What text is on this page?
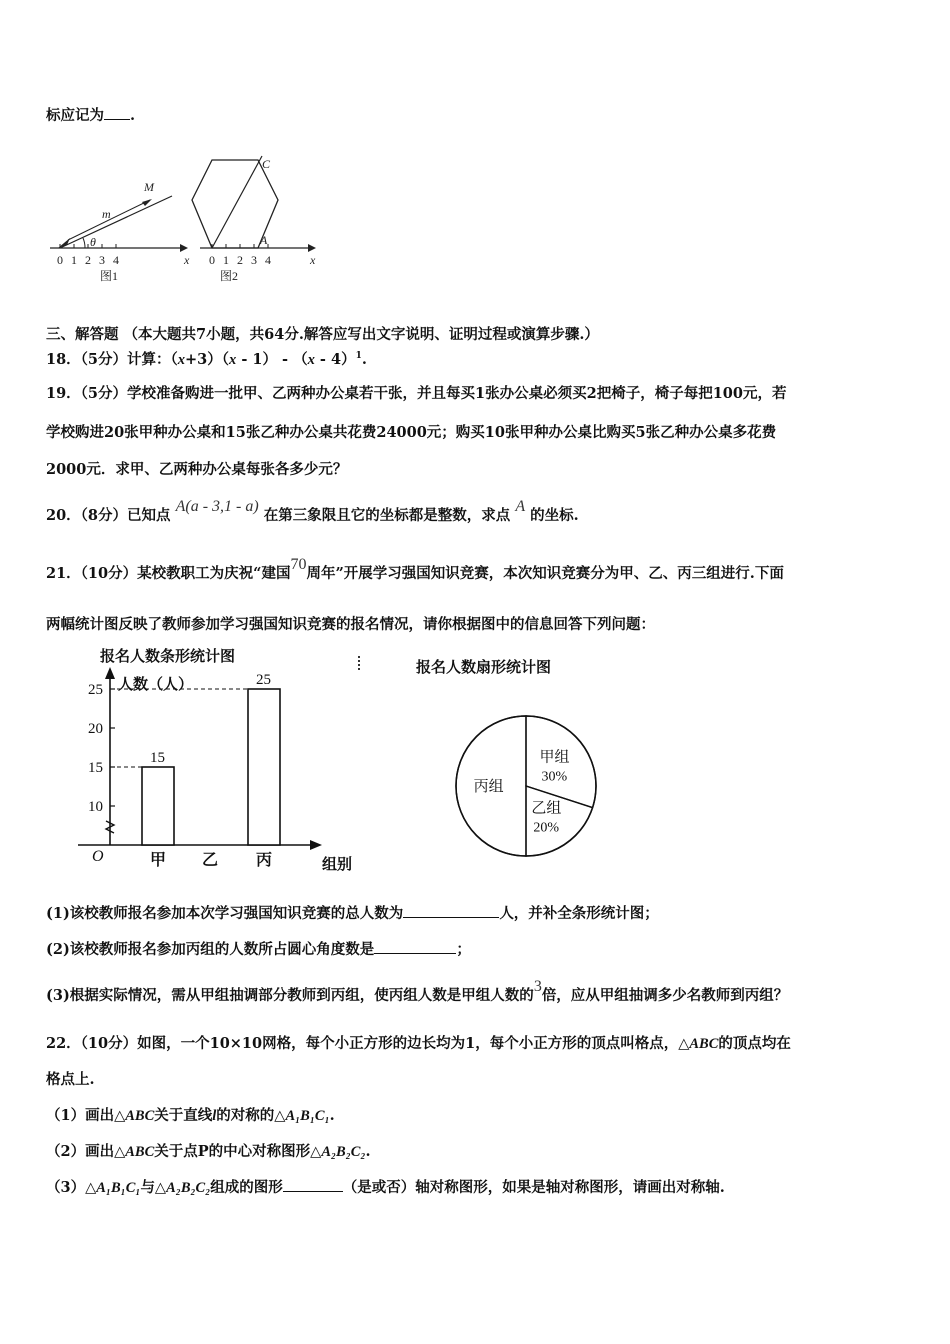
标应记为 .
0 1 2 3 4
M
m
θ
x
图1
0 1 2 3 4
C
A
x
图2
三、解答题 （本大题共7小题，共64分.解答应写出文字说明、证明过程或演算步骤.）
18．（5分）计算：（x+3）（x - 1） - （x - 4）$^1$.
19．（5分）学校准备购进一批甲、乙两种办公桌若干张，并且每买1张办公桌必须买2把椅子，椅子每把100元，若
学校购进20张甲种办公桌和15张乙种办公桌共花费24000元；购买10张甲种办公桌比购买5张乙种办公桌多花费
2000元．求甲、乙两种办公桌每张各多少元？
20．（8分）已知点 A(a - 3,1 - a) 在第三象限且它的坐标都是整数，求点 A 的坐标.
21．（10分）某校教职工为庆祝“建国70周年”开展学习强国知识竞赛，本次知识竞赛分为甲、乙、丙三组进行.下面
两幅统计图反映了教师参加学习强国知识竞赛的报名情况，请你根据图中的信息回答下列问题：
报名人数条形统计图
人数（人）
O
10
15
20
25
甲
15
乙 丙
25
组别
报名人数扇形统计图
甲组
30%
乙组
20%
丙组
(1)该校教师报名参加本次学习强国知识竞赛的总人数为	人，并补全条形统计图；
(2)该校教师报名参加丙组的人数所占圆心角度数是	；
(3)根据实际情况，需从甲组抽调部分教师到丙组，使丙组人数是甲组人数的3倍，应从甲组抽调多少名教师到丙组？
22．（10分）如图，一个10×10网格，每个小正方形的边长均为1，每个小正方形的顶点叫格点，△ABC的顶点均在
格点上.
（1）画出△ABC关于直线l的对称的△A₁B₁C₁.
（2）画出△ABC关于点P的中心对称图形△A₂B₂C₂.
（3）△A₁B₁C₁与△A₂B₂C₂组成的图形	（是或否）轴对称图形，如果是轴对称图形，请画出对称轴.
